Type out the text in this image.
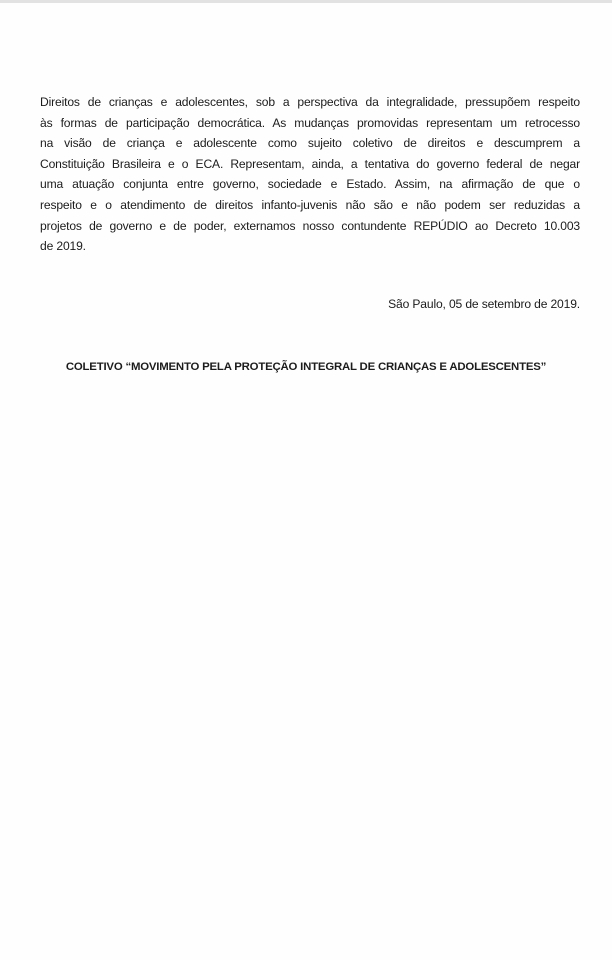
Direitos de crianças e adolescentes, sob a perspectiva da integralidade, pressupõem respeito
às formas de participação democrática. As mudanças promovidas representam um retrocesso
na visão de criança e adolescente como sujeito coletivo de direitos e descumprem a
Constituição Brasileira e o ECA. Representam, ainda, a tentativa do governo federal de negar
uma atuação conjunta entre governo, sociedade e Estado. Assim, na afirmação de que o
respeito e o atendimento de direitos infanto-juvenis não são e não podem ser reduzidas a
projetos de governo e de poder, externamos nosso contundente REPÚDIO ao Decreto 10.003
de 2019.

São Paulo, 05 de setembro de 2019.

COLETIVO “MOVIMENTO PELA PROTEÇÃO INTEGRAL DE CRIANÇAS E ADOLESCENTES”
